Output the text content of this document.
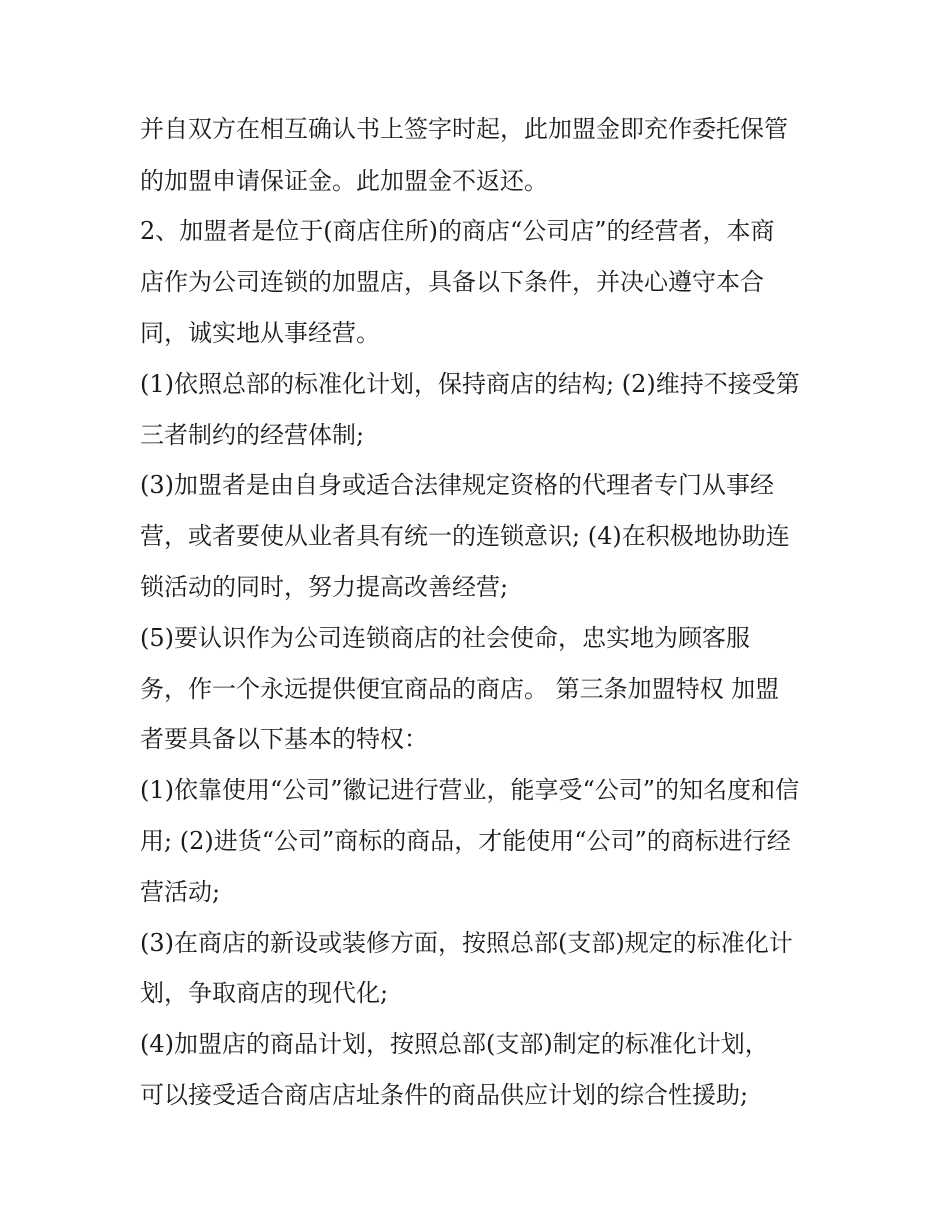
并自双方在相互确认书上签字时起，此加盟金即充作委托保管
的加盟申请保证金。此加盟金不返还。
2、加盟者是位于(商店住所)的商店“公司店”的经营者，本商
店作为公司连锁的加盟店，具备以下条件，并决心遵守本合
同，诚实地从事经营。
(1)依照总部的标准化计划，保持商店的结构; (2)维持不接受第
三者制约的经营体制;
(3)加盟者是由自身或适合法律规定资格的代理者专门从事经
营，或者要使从业者具有统一的连锁意识; (4)在积极地协助连
锁活动的同时，努力提高改善经营;
(5)要认识作为公司连锁商店的社会使命，忠实地为顾客服
务，作一个永远提供便宜商品的商店。 第三条加盟特权 加盟
者要具备以下基本的特权：
(1)依靠使用“公司”徽记进行营业，能享受“公司”的知名度和信
用; (2)进货“公司”商标的商品，才能使用“公司”的商标进行经
营活动;
(3)在商店的新设或装修方面，按照总部(支部)规定的标准化计
划，争取商店的现代化;
(4)加盟店的商品计划，按照总部(支部)制定的标准化计划，
可以接受适合商店店址条件的商品供应计划的综合性援助;
